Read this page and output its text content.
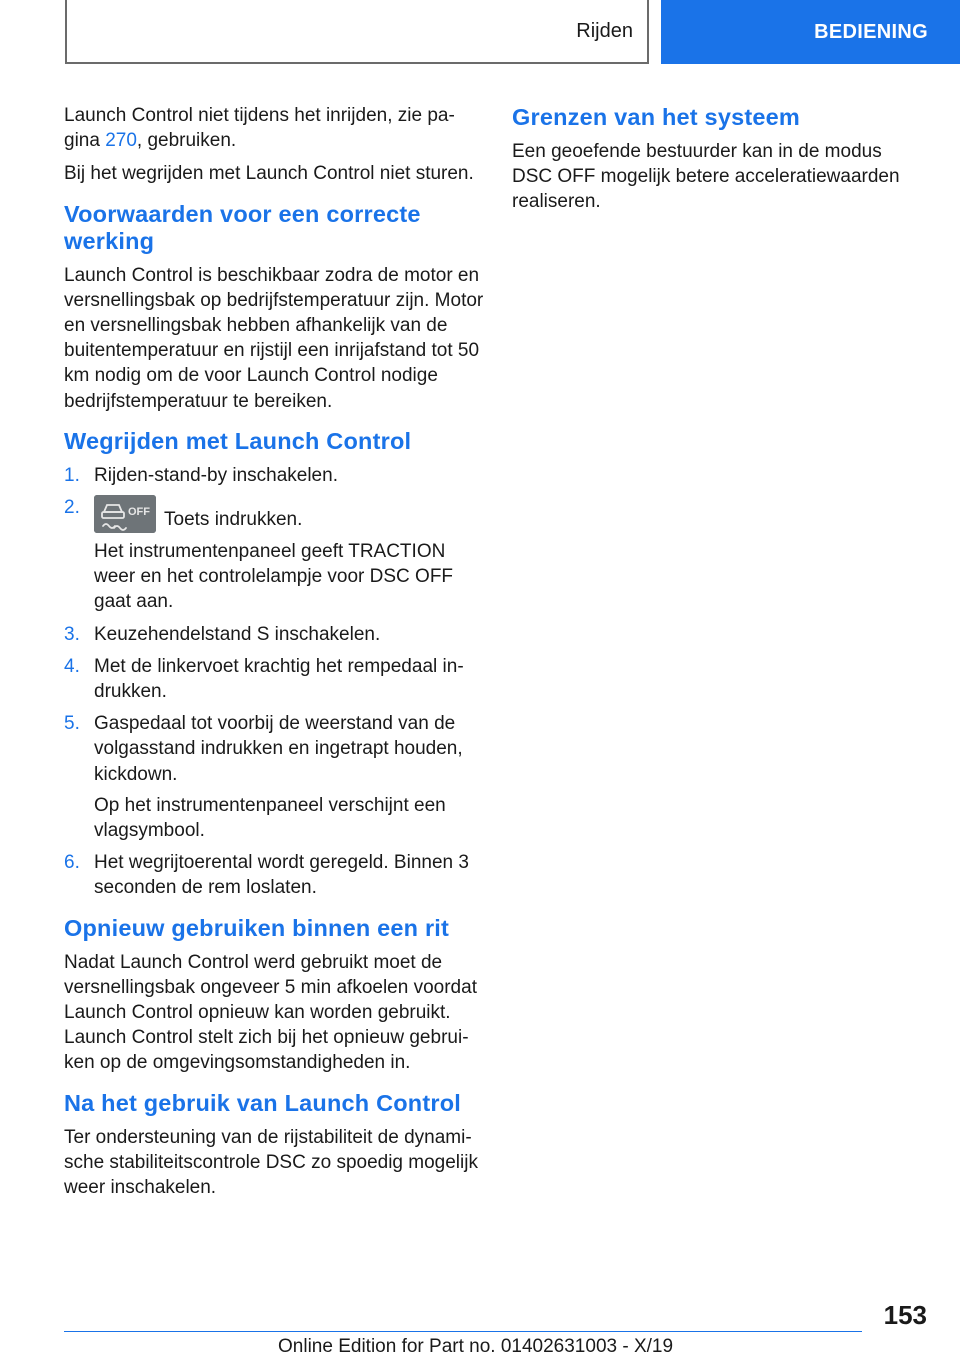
Rijden	BEDIENING

Launch Control niet tijdens het inrijden, zie pagina 270, gebruiken.

Bij het wegrijden met Launch Control niet sturen.

Voorwaarden voor een correcte werking

Launch Control is beschikbaar zodra de motor en versnellingsbak op bedrijfstemperatuur zijn. Motor en versnellingsbak hebben afhankelijk van de buitentemperatuur en rijstijl een inrijafstand tot 50 km nodig om de voor Launch Control nodige bedrijfstemperatuur te bereiken.

Wegrijden met Launch Control
1. Rijden-stand-by inschakelen.
2.	OFF Toets indrukken.
Het instrumentenpaneel geeft TRACTION weer en het controlelampje voor DSC OFF gaat aan.
3. Keuzehendelstand S inschakelen.
4. Met de linkervoet krachtig het rempedaal indrukken.
5. Gaspedaal tot voorbij de weerstand van de volgasstand indrukken en ingetrapt houden, kickdown.
Op het instrumentenpaneel verschijnt een vlagsymbool.
6. Het wegrijtoerental wordt geregeld. Binnen 3 seconden de rem loslaten.
Opnieuw gebruiken binnen een rit

Nadat Launch Control werd gebruikt moet de versnellingsbak ongeveer 5 min afkoelen voordat Launch Control opnieuw kan worden gebruikt. Launch Control stelt zich bij het opnieuw gebruiken op de omgevingsomstandigheden in.

Na het gebruik van Launch Control

Ter ondersteuning van de rijstabiliteit de dynamische stabiliteitscontrole DSC zo spoedig mogelijk weer inschakelen.

Grenzen van het systeem

Een geoefende bestuurder kan in de modus DSC OFF mogelijk betere acceleratiewaarden realiseren.

153
Online Edition for Part no. 01402631003 - X/19
